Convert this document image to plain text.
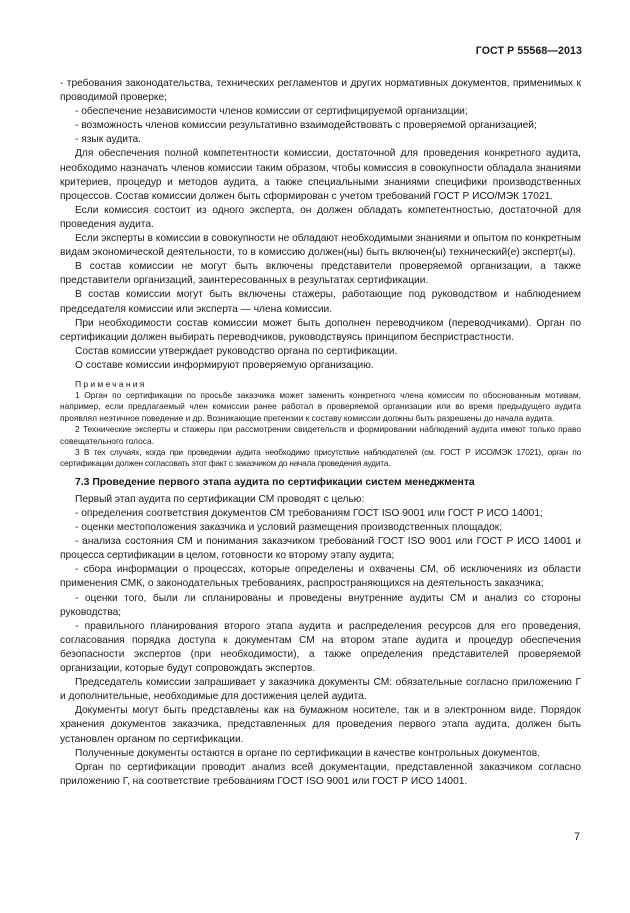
ГОСТ Р 55568—2013

- требования законодательства, технических регламентов и других нормативных документов, применимых к проводимой проверке;

- обеспечение независимости членов комиссии от сертифицируемой организации;

- возможность членов комиссии результативно взаимодействовать с проверяемой организацией;

- язык аудита.

Для обеспечения полной компетентности комиссии, достаточной для проведения конкретного аудита, необходимо назначать членов комиссии таким образом, чтобы комиссия в совокупности обладала знаниями критериев, процедур и методов аудита, а также специальными знаниями специфики производственных процессов. Состав комиссии должен быть сформирован с учетом требований ГОСТ Р ИСО/МЭК 17021.

Если комиссия состоит из одного эксперта, он должен обладать компетентностью, достаточной для проведения аудита.

Если эксперты в комиссии в совокупности не обладают необходимыми знаниями и опытом по конкретным видам экономической деятельности, то в комиссию должен(ны) быть включен(ы) технический(е) эксперт(ы).

В состав комиссии не могут быть включены представители проверяемой организации, а также представители организаций, заинтересованных в результатах сертификации.

В состав комиссии могут быть включены стажеры, работающие под руководством и наблюдением председателя комиссии или эксперта — члена комиссии.

При необходимости состав комиссии может быть дополнен переводчиком (переводчиками). Орган по сертификации должен выбирать переводчиков, руководствуясь принципом беспристрастности.

Состав комиссии утверждает руководство органа по сертификации.

О составе комиссии информируют проверяемую организацию.

Примечания

1 Орган по сертификации по просьбе заказчика может заменить конкретного члена комиссии по обоснованным мотивам, например, если предлагаемый член комиссии ранее работал в проверяемой организации или во время предыдущего аудита проявлял неэтичное поведение и др. Возникающие претензии к составу комиссии должны быть разрешены до начала аудита.

2 Технические эксперты и стажеры при рассмотрении свидетельств и формировании наблюдений аудита имеют только право совещательного голоса.

3 В тех случаях, когда при проведении аудита необходимо присутствие наблюдателей (см. ГОСТ Р ИСО/МЭК 17021), орган по сертификации должен согласовать этот факт с заказчиком до начала проведения аудита.

7.3 Проведение первого этапа аудита по сертификации систем менеджмента

Первый этап аудита по сертификации СМ проводят с целью:

- определения соответствия документов СМ требованиям ГОСТ ISO 9001 или ГОСТ Р ИСО 14001;

- оценки местоположения заказчика и условий размещения производственных площадок;

- анализа состояния СМ и понимания заказчиком требований ГОСТ ISO 9001 или ГОСТ Р ИСО 14001 и процесса сертификации в целом, готовности ко второму этапу аудита;

- сбора информации о процессах, которые определены и охвачены СМ, об исключениях из области применения СМК, о законодательных требованиях, распространяющихся на деятельность заказчика;

- оценки того, были ли спланированы и проведены внутренние аудиты СМ и анализ со стороны руководства;

- правильного планирования второго этапа аудита и распределения ресурсов для его проведения, согласования порядка доступа к документам СМ на втором этапе аудита и процедур обеспечения безопасности экспертов (при необходимости), а также определения представителей проверяемой организации, которые будут сопровождать экспертов.

Председатель комиссии запрашивает у заказчика документы СМ: обязательные согласно приложению Г и дополнительные, необходимые для достижения целей аудита.

Документы могут быть представлены как на бумажном носителе, так и в электронном виде. Порядок хранения документов заказчика, представленных для проведения первого этапа аудита, должен быть установлен органом по сертификации.

Полученные документы остаются в органе по сертификации в качестве контрольных документов.

Орган по сертификации проводит анализ всей документации, представленной заказчиком согласно приложению Г, на соответствие требованиям ГОСТ ISO 9001 или ГОСТ Р ИСО 14001.

7
